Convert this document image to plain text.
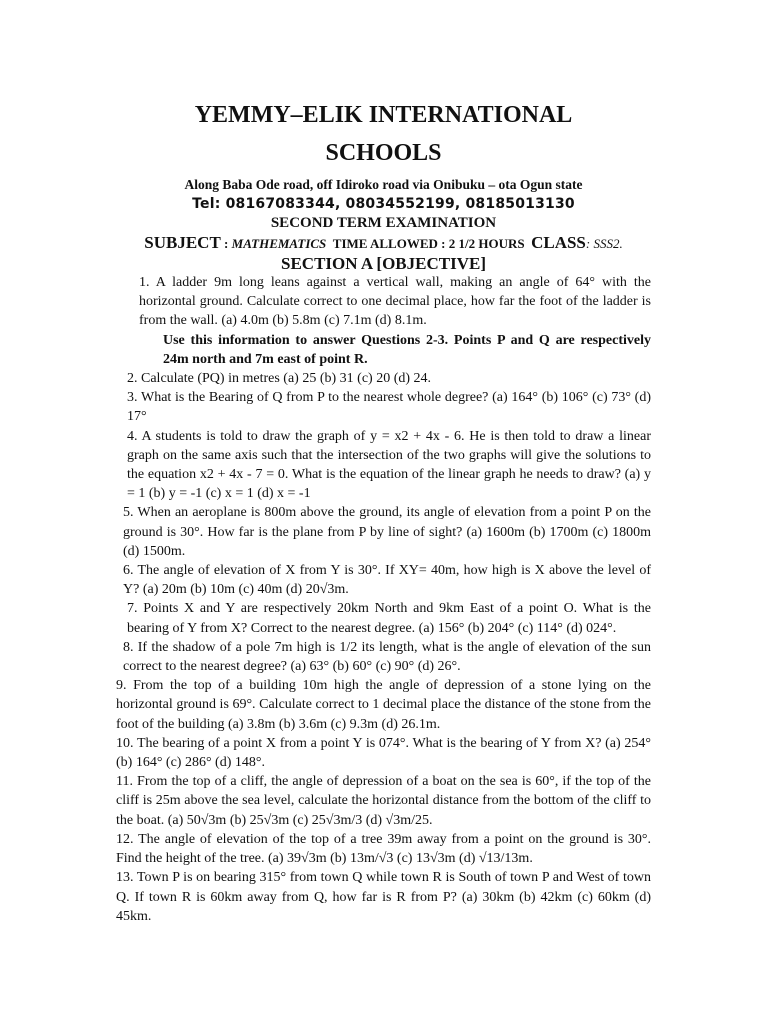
YEMMY–ELIK INTERNATIONAL

SCHOOLS

Along Baba Ode road, off Idiroko road via Onibuku – ota Ogun state
Tel: 08167083344, 08034552199, 08185013130
SECOND TERM EXAMINATION
SUBJECT : MATHEMATICS TIME ALLOWED : 2 1/2 HOURS CLASS: SSS2.
SECTION A [OBJECTIVE]

1. A ladder 9m long leans against a vertical wall, making an angle of 64° with the horizontal ground. Calculate correct to one decimal place, how far the foot of the ladder is from the wall. (a) 4.0m (b) 5.8m (c) 7.1m (d) 8.1m.

Use this information to answer Questions 2-3. Points P and Q are respectively 24m north and 7m east of point R.

2. Calculate (PQ) in metres (a) 25 (b) 31 (c) 20 (d) 24.

3. What is the Bearing of Q from P to the nearest whole degree? (a) 164° (b) 106° (c) 73° (d) 17°

4. A students is told to draw the graph of y = x2 + 4x - 6. He is then told to draw a linear graph on the same axis such that the intersection of the two graphs will give the solutions to the equation x2 + 4x - 7 = 0. What is the equation of the linear graph he needs to draw? (a) y = 1 (b) y = -1 (c) x = 1 (d) x = -1

5. When an aeroplane is 800m above the ground, its angle of elevation from a point P on the ground is 30°. How far is the plane from P by line of sight? (a) 1600m (b) 1700m (c) 1800m (d) 1500m.

6. The angle of elevation of X from Y is 30°. If XY= 40m, how high is X above the level of Y? (a) 20m (b) 10m (c) 40m (d) 20√3m.

7. Points X and Y are respectively 20km North and 9km East of a point O. What is the bearing of Y from X? Correct to the nearest degree. (a) 156° (b) 204° (c) 114° (d) 024°.

8. If the shadow of a pole 7m high is 1/2 its length, what is the angle of elevation of the sun correct to the nearest degree? (a) 63° (b) 60° (c) 90° (d) 26°.

9. From the top of a building 10m high the angle of depression of a stone lying on the horizontal ground is 69°. Calculate correct to 1 decimal place the distance of the stone from the foot of the building (a) 3.8m (b) 3.6m (c) 9.3m (d) 26.1m.

10. The bearing of a point X from a point Y is 074°. What is the bearing of Y from X? (a) 254° (b) 164° (c) 286° (d) 148°.

11. From the top of a cliff, the angle of depression of a boat on the sea is 60°, if the top of the cliff is 25m above the sea level, calculate the horizontal distance from the bottom of the cliff to the boat. (a) 50√3m (b) 25√3m (c) 25√3m/3 (d) √3m/25.

12. The angle of elevation of the top of a tree 39m away from a point on the ground is 30°. Find the height of the tree. (a) 39√3m (b) 13m/√3 (c) 13√3m (d) √13/13m.

13. Town P is on bearing 315° from town Q while town R is South of town P and West of town Q. If town R is 60km away from Q, how far is R from P? (a) 30km (b) 42km (c) 60km (d) 45km.
